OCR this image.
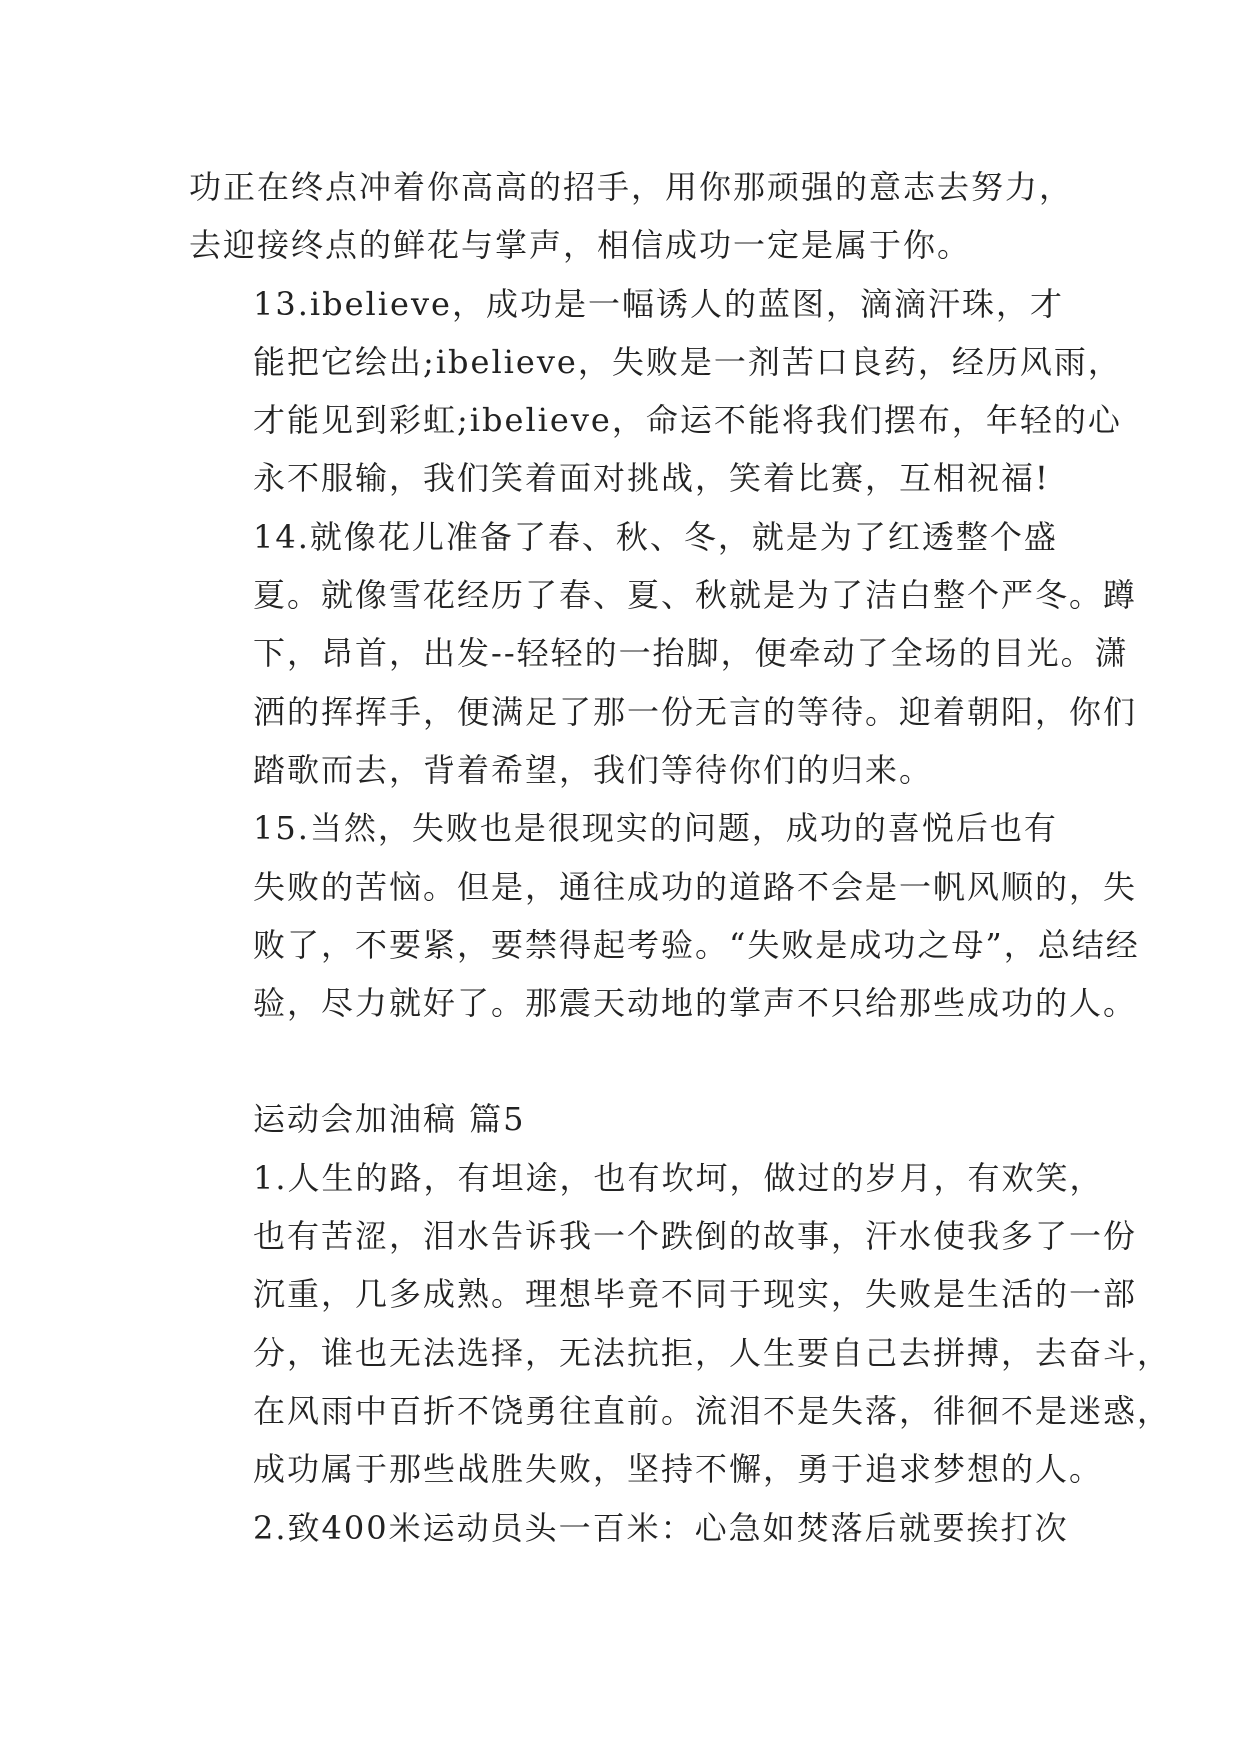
功正在终点冲着你高高的招手，用你那顽强的意志去努力，
去迎接终点的鲜花与掌声，相信成功一定是属于你。

13.ibelieve，成功是一幅诱人的蓝图，滴滴汗珠，才
能把它绘出;ibelieve，失败是一剂苦口良药，经历风雨，
才能见到彩虹;ibelieve，命运不能将我们摆布，年轻的心
永不服输，我们笑着面对挑战，笑着比赛，互相祝福!

14.就像花儿准备了春、秋、冬，就是为了红透整个盛
夏。就像雪花经历了春、夏、秋就是为了洁白整个严冬。蹲
下，昂首，出发--轻轻的一抬脚，便牵动了全场的目光。潇
洒的挥挥手，便满足了那一份无言的等待。迎着朝阳，你们
踏歌而去，背着希望，我们等待你们的归来。

15.当然，失败也是很现实的问题，成功的喜悦后也有
失败的苦恼。但是，通往成功的道路不会是一帆风顺的，失
败了，不要紧，要禁得起考验。“失败是成功之母”，总结经
验，尽力就好了。那震天动地的掌声不只给那些成功的人。

运动会加油稿 篇5

1.人生的路，有坦途，也有坎坷，做过的岁月，有欢笑，
也有苦涩，泪水告诉我一个跌倒的故事，汗水使我多了一份
沉重，几多成熟。理想毕竟不同于现实，失败是生活的一部
分，谁也无法选择，无法抗拒，人生要自己去拼搏，去奋斗，
在风雨中百折不饶勇往直前。流泪不是失落，徘徊不是迷惑，
成功属于那些战胜失败，坚持不懈，勇于追求梦想的人。

2.致400米运动员头一百米：心急如焚落后就要挨打次
